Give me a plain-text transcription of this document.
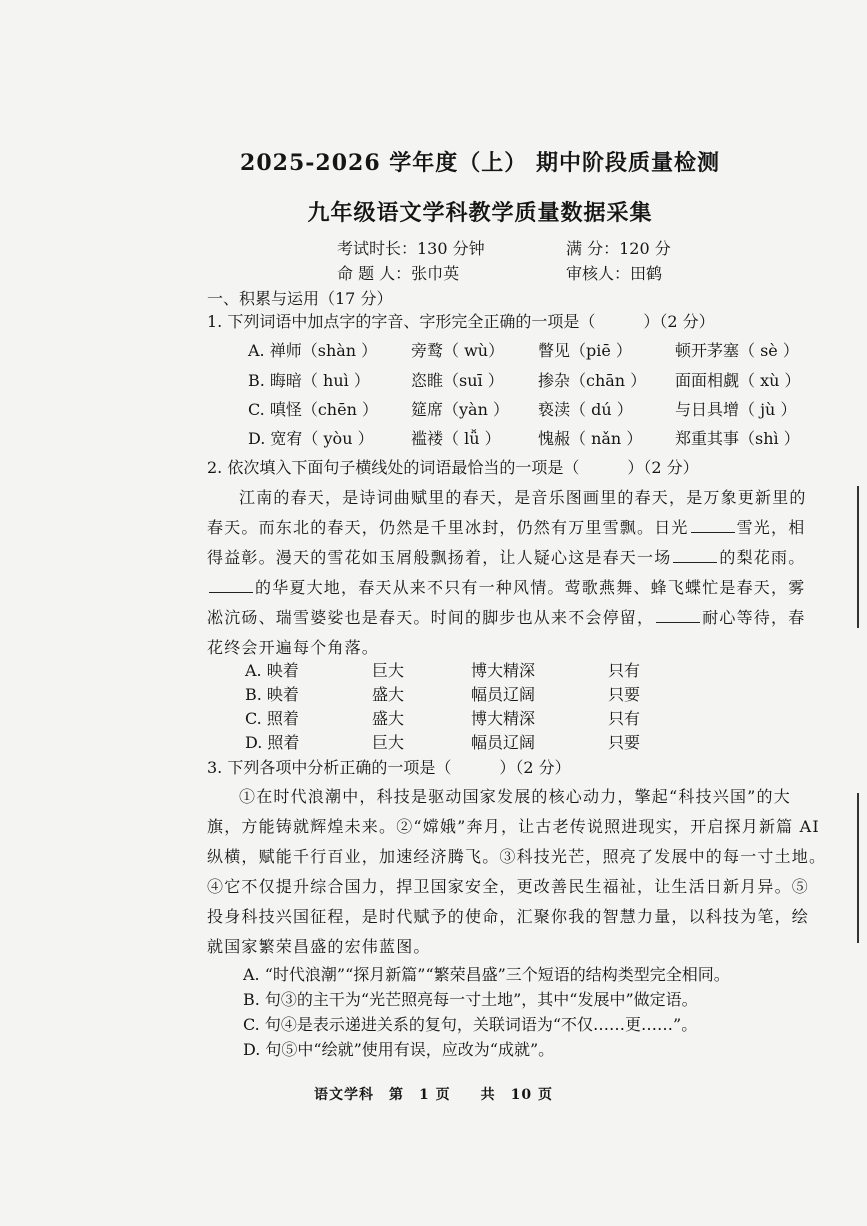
2025-2026 学年度（上） 期中阶段质量检测
九年级语文学科教学质量数据采集
考试时长：130 分钟	满 分：120 分
命 题 人：张巾英	审核人：田鹤
一、积累与运用（17 分）
1. 下列词语中加点字的字音、字形完全正确的一项是（　　　）（2 分）
A. 禅师（shàn ） 旁鹜（ wù） 瞥见（piē ）	顿开茅塞（ sè ）
B. 晦暗（ huì ）	恣睢（suī ） 掺杂（chān ） 面面相觑（ xù ）
C. 嗔怪（chēn ） 筵席（yàn ） 亵渎（ dú ）	与日具增（ jù ）
D. 宽宥（ yòu ） 褴褛（ lǚ ） 愧赧（ nǎn ） 郑重其事（shì ）
2. 依次填入下面句子横线处的词语最恰当的一项是（　　　）（2 分）
江南的春天，是诗词曲赋里的春天，是音乐图画里的春天，是万象更新里的
春天。而东北的春天，仍然是千里冰封，仍然有万里雪飘。日光	雪光，相
得益彰。漫天的雪花如玉屑般飘扬着，让人疑心这是春天一场	的梨花雨。
的华夏大地，春天从来不只有一种风情。莺歌燕舞、蜂飞蝶忙是春天，雾
凇沆砀、瑞雪婆娑也是春天。时间的脚步也从来不会停留，	耐心等待，春
花终会开遍每个角落。
A. 映着	巨大	博大精深	只有
B. 映着	盛大	幅员辽阔	只要
C. 照着	盛大	博大精深	只有
D. 照着	巨大	幅员辽阔	只要
3. 下列各项中分析正确的一项是（　　　）（2 分）
①在时代浪潮中，科技是驱动国家发展的核心动力，擎起“科技兴国”的大
旗，方能铸就辉煌未来。②“嫦娥”奔月，让古老传说照进现实，开启探月新篇 AI
纵横，赋能千行百业，加速经济腾飞。③科技光芒，照亮了发展中的每一寸土地。
④它不仅提升综合国力，捍卫国家安全，更改善民生福祉，让生活日新月异。⑤
投身科技兴国征程，是时代赋予的使命，汇聚你我的智慧力量，以科技为笔，绘
就国家繁荣昌盛的宏伟蓝图。
A. “时代浪潮”“探月新篇”“繁荣昌盛”三个短语的结构类型完全相同。
B. 句③的主干为“光芒照亮每一寸土地”，其中“发展中”做定语。
C. 句④是表示递进关系的复句，关联词语为“不仅……更……”。
D. 句⑤中“绘就”使用有误，应改为“成就”。
语文学科　第　1 页　　共　10 页
